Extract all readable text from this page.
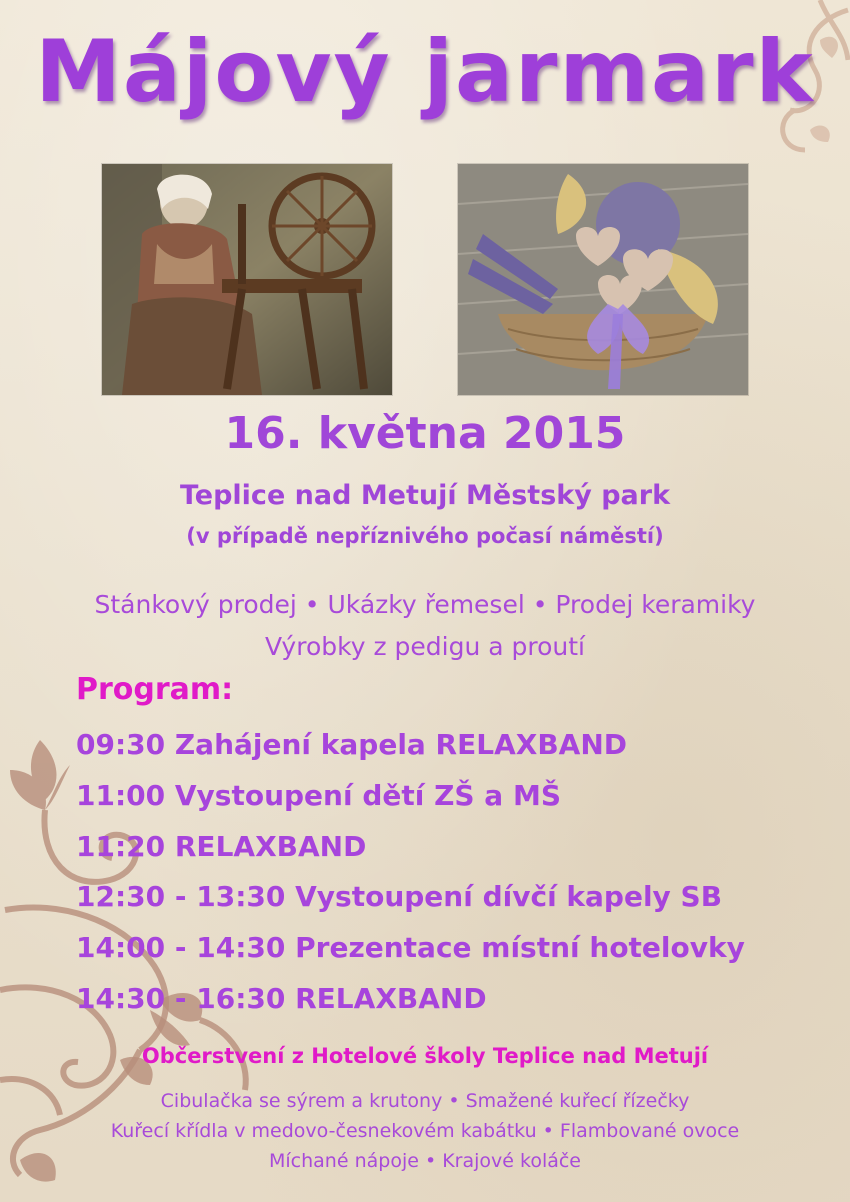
Májový jarmark
16. května 2015
Teplice nad Metují Městský park
(v případě nepříznivého počasí náměstí)
Stánkový prodej • Ukázky řemesel • Prodej keramiky
Výrobky z pedigu a proutí
Program:
09:30 Zahájení kapela RELAXBAND
11:00 Vystoupení dětí ZŠ a MŠ
11:20 RELAXBAND
12:30 - 13:30 Vystoupení dívčí kapely SB
14:00 - 14:30 Prezentace místní hotelovky
14:30 - 16:30 RELAXBAND
Občerstvení z Hotelové školy Teplice nad Metují
Cibulačka se sýrem a krutony • Smažené kuřecí řízečky
Kuřecí křídla v medovo-česnekovém kabátku • Flambované ovoce
Míchané nápoje • Krajové koláče
